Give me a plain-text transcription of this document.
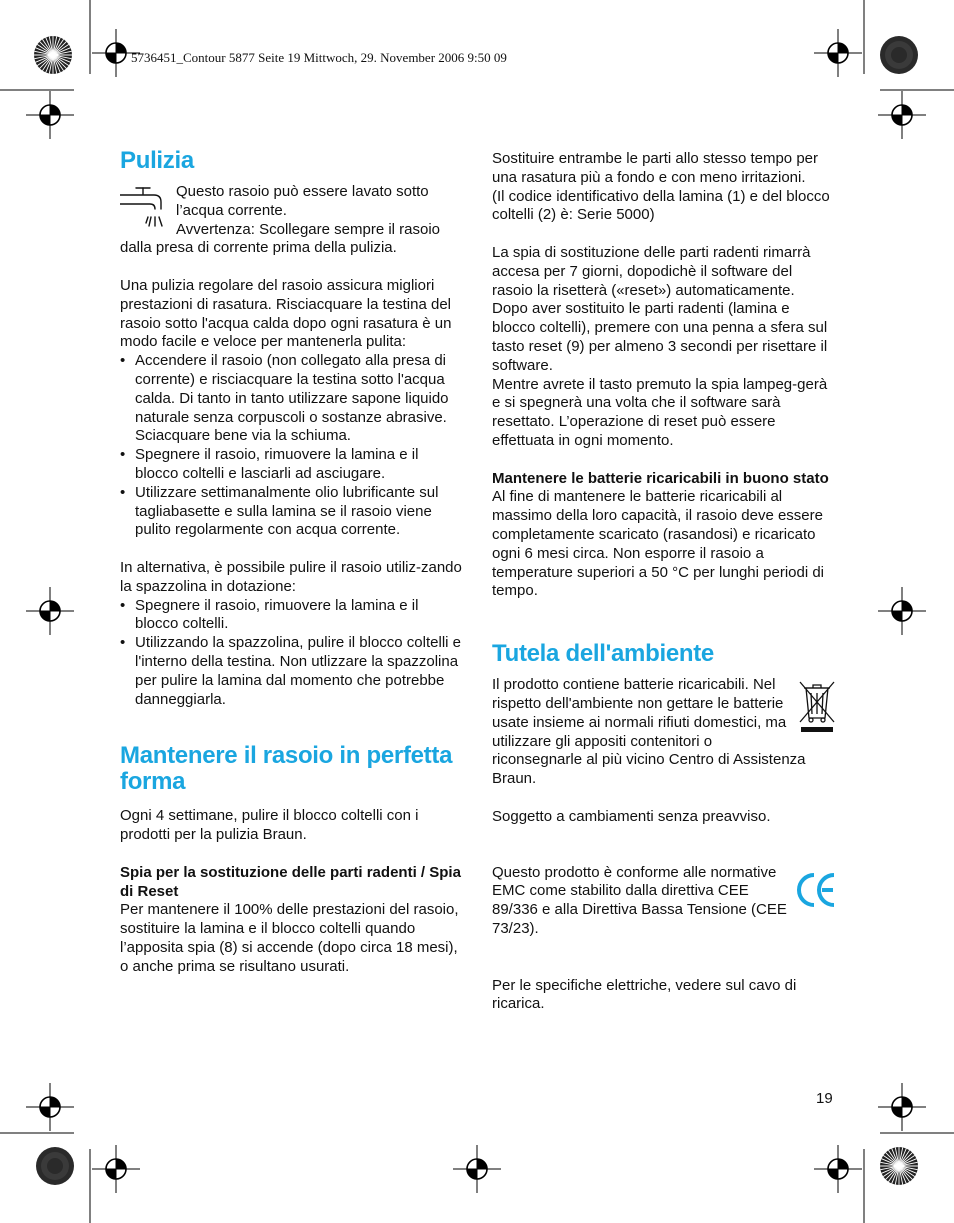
5736451_Contour 5877 Seite 19 Mittwoch, 29. November 2006 9:50 09
Pulizia

Questo rasoio può essere lavato sotto l’acqua corrente.

Avvertenza: Scollegare sempre il rasoio dalla presa di corrente prima della pulizia.

Una pulizia regolare del rasoio assicura migliori prestazioni di rasatura. Risciacquare la testina del rasoio sotto l'acqua calda dopo ogni rasatura è un modo facile e veloce per mantenerla pulita:

• Accendere il rasoio (non collegato alla presa di corrente) e risciacquare la testina sotto l'acqua calda. Di tanto in tanto utilizzare sapone liquido naturale senza corpuscoli o sostanze abrasive. Sciacquare bene via la schiuma.
• Spegnere il rasoio, rimuovere la lamina e il blocco coltelli e lasciarli ad asciugare.
• Utilizzare settimanalmente olio lubrificante sul tagliabasette e sulla lamina se il rasoio viene pulito regolarmente con acqua corrente.

In alternativa, è possibile pulire il rasoio utiliz-zando la spazzolina in dotazione:

• Spegnere il rasoio, rimuovere la lamina e il blocco coltelli.
• Utilizzando la spazzolina, pulire il blocco coltelli e l'interno della testina. Non utlizzare la spazzolina per pulire la lamina dal momento che potrebbe danneggiarla.
Mantenere il rasoio in perfetta forma

Ogni 4 settimane, pulire il blocco coltelli con i prodotti per la pulizia Braun.

Spia per la sostituzione delle parti radenti / Spia di Reset

Per mantenere il 100% delle prestazioni del rasoio, sostituire la lamina e il blocco coltelli quando l’apposita spia (8) si accende (dopo circa 18 mesi), o anche prima se risultano usurati.

Sostituire entrambe le parti allo stesso tempo per una rasatura più a fondo e con meno irritazioni.

(Il codice identificativo della lamina (1) e del blocco coltelli (2) è: Serie 5000)

La spia di sostituzione delle parti radenti rimarrà accesa per 7 giorni, dopodichè il software del rasoio la risetterà («reset») automaticamente.

Dopo aver sostituito le parti radenti (lamina e blocco coltelli), premere con una penna a sfera sul tasto reset (9) per almeno 3 secondi per risettare il software.

Mentre avrete il tasto premuto la spia lampeg-gerà e si spegnerà una volta che il software sarà resettato. L’operazione di reset può essere effettuata in ogni momento.

Mantenere le batterie ricaricabili in buono stato

Al fine di mantenere le batterie ricaricabili al massimo della loro capacità, il rasoio deve essere completamente scaricato (rasandosi) e ricaricato ogni 6 mesi circa. Non esporre il rasoio a temperature superiori a 50 °C per lunghi periodi di tempo.

Tutela dell'ambiente

Il prodotto contiene batterie ricaricabili. Nel rispetto dell'ambiente non gettare le batterie usate insieme ai normali rifiuti domestici, ma utilizzare gli appositi contenitori o riconsegnarle al più vicino Centro di Assistenza Braun.

Soggetto a cambiamenti senza preavviso.

Questo prodotto è conforme alle normative EMC come stabilito dalla direttiva CEE 89/336 e alla Direttiva Bassa Tensione (CEE 73/23).

Per le specifiche elettriche, vedere sul cavo di ricarica.

19
